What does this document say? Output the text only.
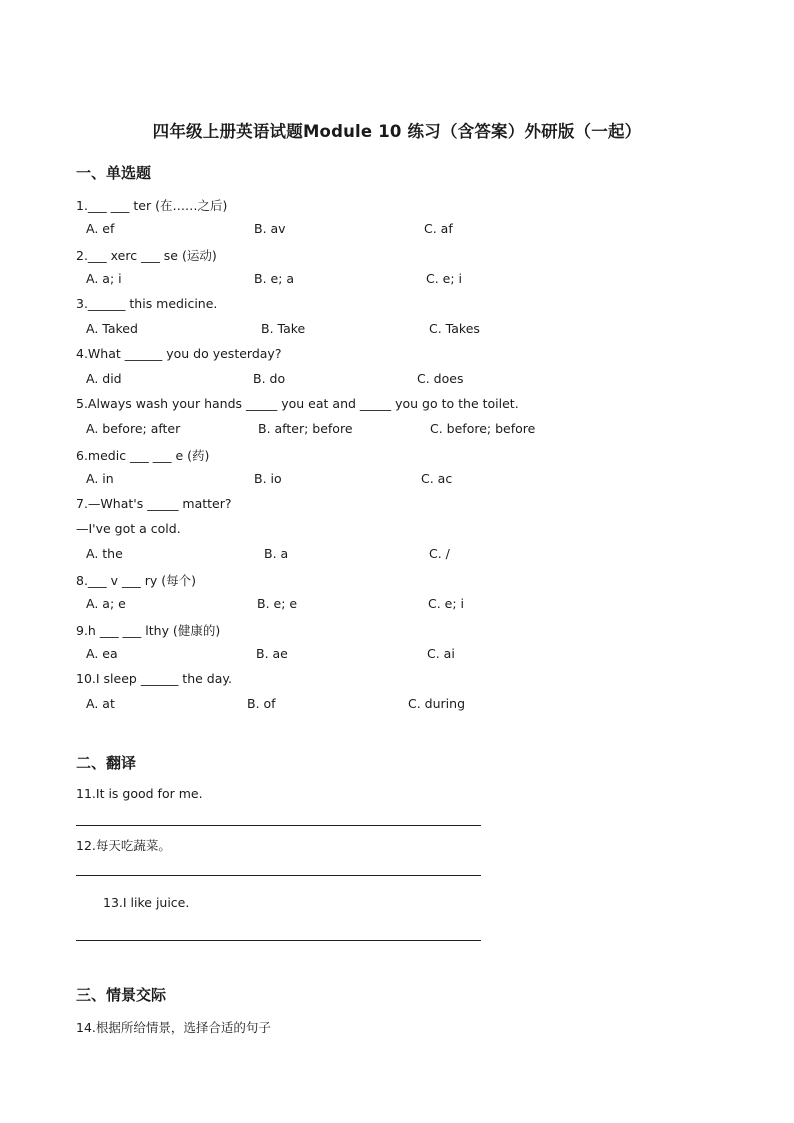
四年级上册英语试题Module 10 练习（含答案）外研版（一起）
一、单选题
1.___ ___ ter (在……之后)
A. ef	B. av	C. af
2.___ xerc ___ se (运动)
A. a; i	B. e; a	C. e; i
3.______ this medicine.
A. Taked	B. Take	C. Takes
4.What ______ you do yesterday?
A. did	B. do	C. does
5.Always wash your hands _____ you eat and _____ you go to the toilet.
A. before; after	B. after; before	C. before; before
6.medic ___ ___ e (药)
A. in	B. io	C. ac
7.—What's _____ matter?
—I've got a cold.
A. the	B. a	C. /
8.___ v ___ ry (每个)
A. a; e	B. e; e	C. e; i
9.h ___ ___ lthy (健康的)
A. ea	B. ae	C. ai
10.I sleep ______ the day.
A. at	B. of	C. during
二、翻译
11.It is good for me.
12.每天吃蔬菜。
13.I like juice.
三、情景交际
14.根据所给情景，选择合适的句子
